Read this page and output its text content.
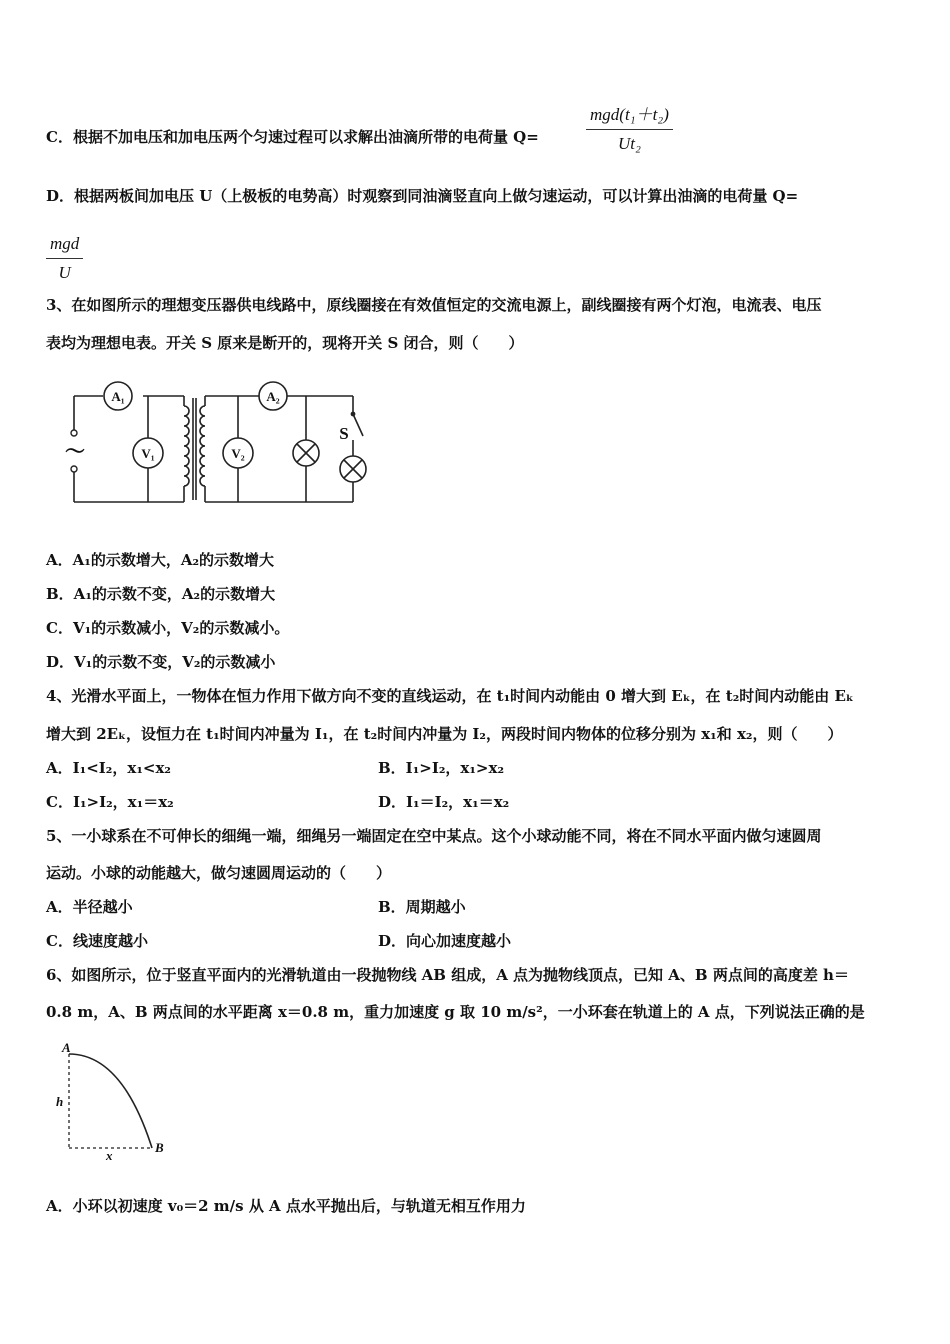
C．根据不加电压和加电压两个匀速过程可以求解出油滴所带的电荷量 Q=
mgd(t₁＋t₂)
Ut₂
D．根据两板间加电压 U（上极板的电势高）时观察到同油滴竖直向上做匀速运动，可以计算出油滴的电荷量 Q=
mgd
U
3、在如图所示的理想变压器供电线路中，原线圈接在有效值恒定的交流电源上，副线圈接有两个灯泡，电流表、电压
表均为理想电表。开关 S 原来是断开的，现将开关 S 闭合，则（　　）
A₁
V₁
A₂
V₂
S
～
A．A₁的示数增大，A₂的示数增大
B．A₁的示数不变，A₂的示数增大
C．V₁的示数减小，V₂的示数减小。
D．V₁的示数不变，V₂的示数减小
4、光滑水平面上，一物体在恒力作用下做方向不变的直线运动，在 t₁时间内动能由 0 增大到 Eₖ，在 t₂时间内动能由 Eₖ
增大到 2Eₖ，设恒力在 t₁时间内冲量为 I₁，在 t₂时间内冲量为 I₂，两段时间内物体的位移分别为 x₁和 x₂，则（　　）
A．I₁<I₂，x₁<x₂	B．I₁>I₂，x₁>x₂
C．I₁>I₂，x₁＝x₂	D．I₁＝I₂，x₁＝x₂
5、一小球系在不可伸长的细绳一端，细绳另一端固定在空中某点。这个小球动能不同，将在不同水平面内做匀速圆周
运动。小球的动能越大，做匀速圆周运动的（　　）
A．半径越小	B．周期越小
C．线速度越小	D．向心加速度越小
6、如图所示，位于竖直平面内的光滑轨道由一段抛物线 AB 组成，A 点为抛物线顶点，已知 A、B 两点间的高度差 h＝
0.8 m，A、B 两点间的水平距离 x＝0.8 m，重力加速度 g 取 10 m/s²，一小环套在轨道上的 A 点，下列说法正确的是
A
B
h
x
A．小环以初速度 v₀＝2 m/s 从 A 点水平抛出后，与轨道无相互作用力
